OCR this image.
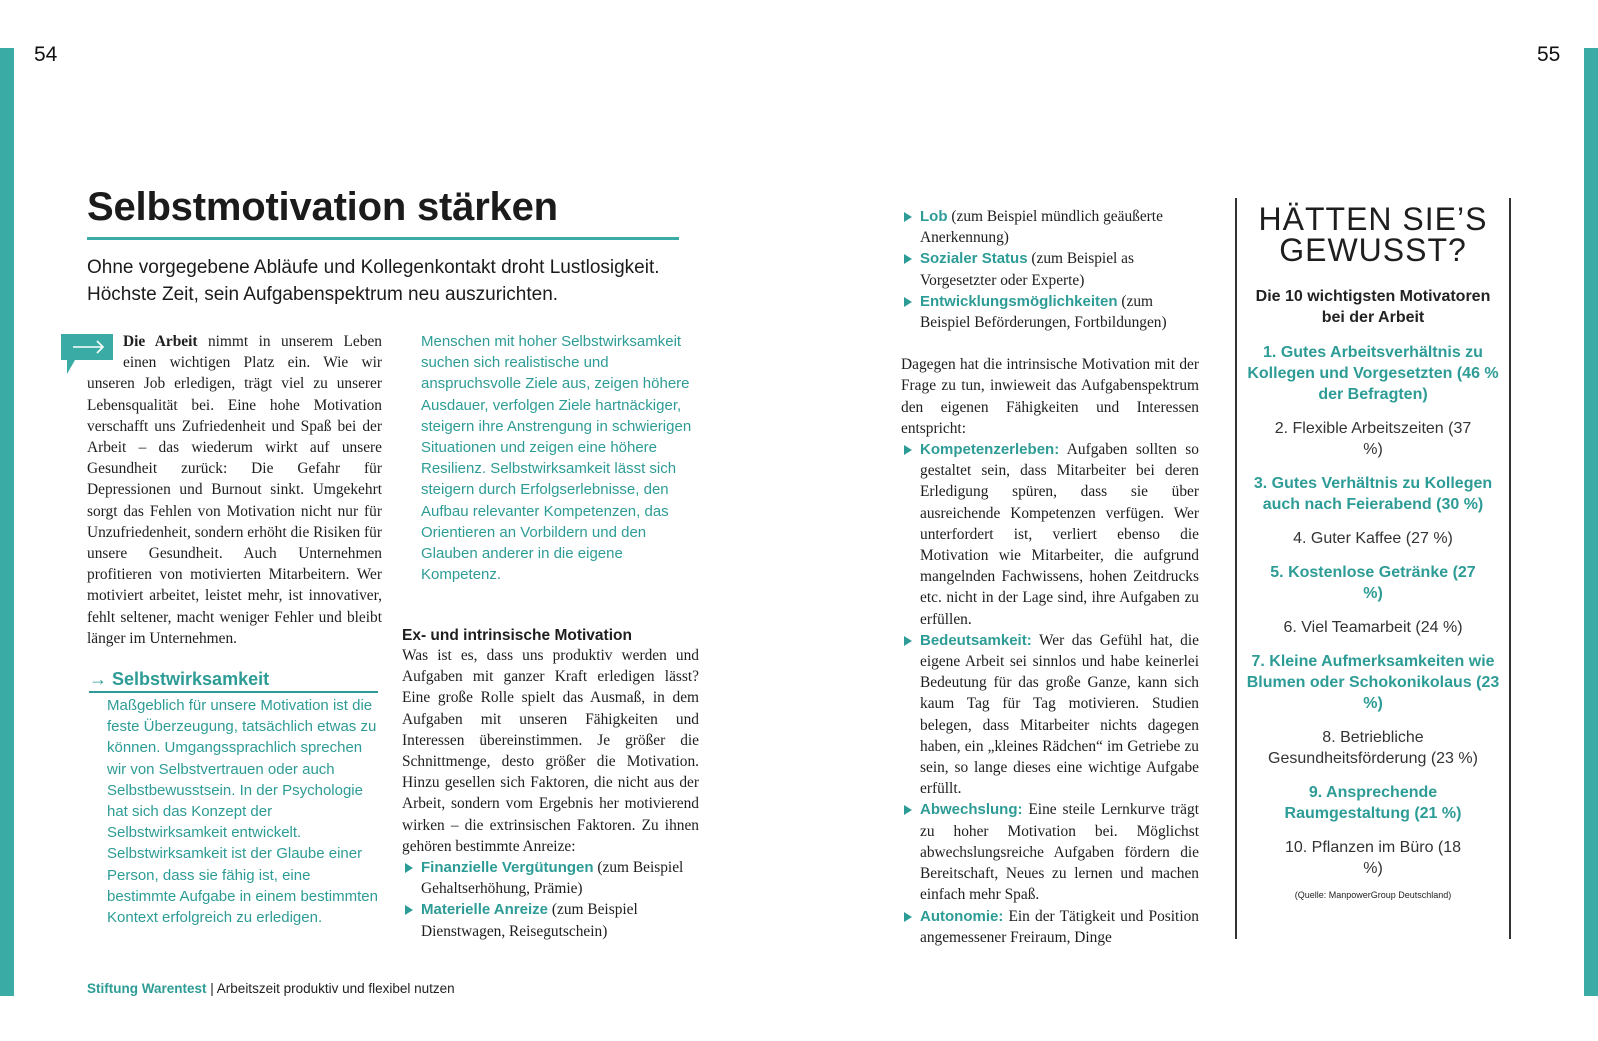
54	55
Selbstmotivation stärken
Ohne vorgegebene Abläufe und Kollegenkontakt droht Lustlosigkeit. Höchste Zeit, sein Aufgabenspektrum neu auszurichten.
Die Arbeit nimmt in unserem Leben einen wichtigen Platz ein. Wie wir unseren Job erledigen, trägt viel zu unserer Lebensqualität bei. Eine hohe Motivation verschafft uns Zufriedenheit und Spaß bei der Arbeit – das wiederum wirkt auf unsere Gesundheit zurück: Die Gefahr für Depressionen und Burnout sinkt. Umgekehrt sorgt das Fehlen von Motivation nicht nur für Unzufriedenheit, sondern erhöht die Risiken für unsere Gesundheit. Auch Unternehmen profitieren von motivierten Mitarbeitern. Wer motiviert arbeitet, leistet mehr, ist innovativer, fehlt seltener, macht weniger Fehler und bleibt länger im Unternehmen.
→ Selbstwirksamkeit
Maßgeblich für unsere Motivation ist die feste Überzeugung, tatsächlich etwas zu können. Umgangssprachlich sprechen wir von Selbstvertrauen oder auch Selbstbewusstsein. In der Psychologie hat sich das Konzept der Selbstwirksamkeit entwickelt. Selbstwirksamkeit ist der Glaube einer Person, dass sie fähig ist, eine bestimmte Aufgabe in einem bestimmten Kontext erfolgreich zu erledigen.
Menschen mit hoher Selbstwirksamkeit suchen sich realistische und anspruchsvolle Ziele aus, zeigen höhere Ausdauer, verfolgen Ziele hartnäckiger, steigern ihre Anstrengung in schwierigen Situationen und zeigen eine höhere Resilienz. Selbstwirksamkeit lässt sich steigern durch Erfolgserlebnisse, den Aufbau relevanter Kompetenzen, das Orientieren an Vorbildern und den Glauben anderer in die eigene Kompetenz.
Ex- und intrinsische Motivation
Was ist es, dass uns produktiv werden und Aufgaben mit ganzer Kraft erledigen lässt? Eine große Rolle spielt das Ausmaß, in dem Aufgaben mit unseren Fähigkeiten und Interessen übereinstimmen. Je größer die Schnittmenge, desto größer die Motivation. Hinzu gesellen sich Faktoren, die nicht aus der Arbeit, sondern vom Ergebnis her motivierend wirken – die extrinsischen Faktoren. Zu ihnen gehören bestimmte Anreize:
Finanzielle Vergütungen (zum Beispiel Gehaltserhöhung, Prämie)
Materielle Anreize (zum Beispiel Dienstwagen, Reisegutschein)
Lob (zum Beispiel mündlich geäußerte Anerkennung)
Sozialer Status (zum Beispiel as Vorgesetzter oder Experte)
Entwicklungsmöglichkeiten (zum Beispiel Beförderungen, Fortbildungen)
Dagegen hat die intrinsische Motivation mit der Frage zu tun, inwieweit das Aufgabenspektrum den eigenen Fähigkeiten und Interessen entspricht:
Kompetenzerleben: Aufgaben sollten so gestaltet sein, dass Mitarbeiter bei deren Erledigung spüren, dass sie über ausreichende Kompetenzen verfügen. Wer unterfordert ist, verliert ebenso die Motivation wie Mitarbeiter, die aufgrund mangelnden Fachwissens, hohen Zeitdrucks etc. nicht in der Lage sind, ihre Aufgaben zu erfüllen.
Bedeutsamkeit: Wer das Gefühl hat, die eigene Arbeit sei sinnlos und habe keinerlei Bedeutung für das große Ganze, kann sich kaum Tag für Tag motivieren. Studien belegen, dass Mitarbeiter nichts dagegen haben, ein „kleines Rädchen“ im Getriebe zu sein, so lange dieses eine wichtige Aufgabe erfüllt.
Abwechslung: Eine steile Lernkurve trägt zu hoher Motivation bei. Möglichst abwechslungsreiche Aufgaben fördern die Bereitschaft, Neues zu lernen und machen einfach mehr Spaß.
Autonomie: Ein der Tätigkeit und Position angemessener Freiraum, Dinge
HÄTTEN SIE’S
GEWUSST?
Die 10 wichtigsten Motivatoren bei der Arbeit
1. Gutes Arbeitsverhältnis zu Kollegen und Vorgesetzten (46 % der Befragten)
2. Flexible Arbeitszeiten (37 %)
3. Gutes Verhältnis zu Kollegen auch nach Feierabend (30 %)
4. Guter Kaffee (27 %)
5. Kostenlose Getränke (27 %)
6. Viel Teamarbeit (24 %)
7. Kleine Aufmerksamkeiten wie Blumen oder Schokonikolaus (23 %)
8. Betriebliche Gesundheitsförderung (23 %)
9. Ansprechende Raumgestaltung (21 %)
10. Pflanzen im Büro (18 %)
(Quelle: ManpowerGroup Deutschland)
Stiftung Warentest | Arbeitszeit produktiv und flexibel nutzen
